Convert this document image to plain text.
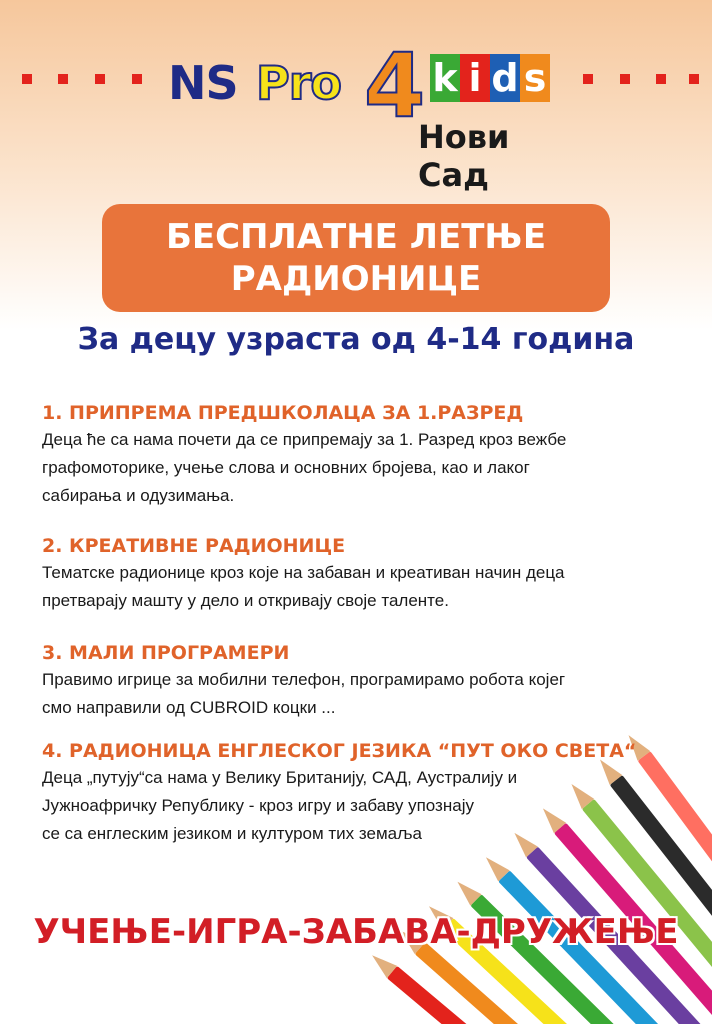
NS Pro 4 k i d s
Нови Сад
БЕСПЛАТНЕ ЛЕТЊЕ
РАДИОНИЦЕ
За децу узраста од 4-14 година
1. ПРИПРЕМА ПРЕДШКОЛАЦА ЗА 1.РАЗРЕД

Деца ће са нама почети да се припремају за 1. Разред кроз вежбе
графомоторике, учење слова и основних бројева, као и лаког
сабирања и одузимања.

2. КРЕАТИВНЕ РАДИОНИЦЕ

Тематске радионице кроз које на забаван и креативан начин деца
претварају машту у дело и откривају своје таленте.

3. МАЛИ ПРОГРАМЕРИ

Правимо игрице за мобилни телефон, програмирамо робота којег
смо направили од CUBROID коцки ...

4. РАДИОНИЦА ЕНГЛЕСКОГ ЈЕЗИКА “ПУТ ОКО СВЕТА“

Деца „путују“са нама у Велику Британију, САД, Аустралију и
Јужноафричку Републику - кроз игру и забаву упознају
се са енглеским језиком и културом тих земаља

УЧЕЊЕ-ИГРА-ЗАБАВА-ДРУЖЕЊЕ
